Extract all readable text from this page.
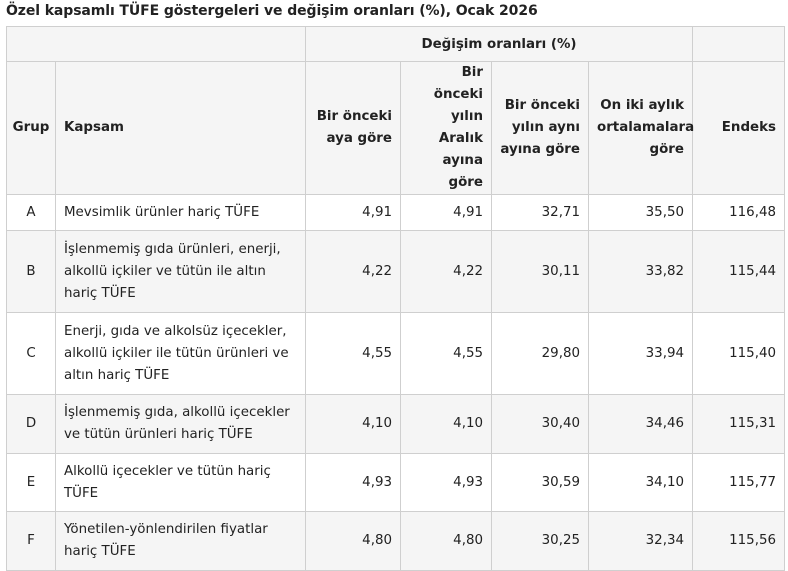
Özel kapsamlı TÜFE göstergeleri ve değişim oranları (%), Ocak 2026
		Değişim oranları (%)				
Grup	Kapsam	Bir önceki aya göre	Bir önceki yılın Aralık ayına göre	Bir önceki yılın aynı ayına göre	On iki aylık ortalamalara göre	Endeks
A	Mevsimlik ürünler hariç TÜFE	4,91	4,91	32,71	35,50	116,48
B	İşlenmemiş gıda ürünleri, enerji, alkollü içkiler ve tütün ile altın hariç TÜFE	4,22	4,22	30,11	33,82	115,44
C	Enerji, gıda ve alkolsüz içecekler, alkollü içkiler ile tütün ürünleri ve altın hariç TÜFE	4,55	4,55	29,80	33,94	115,40
D	İşlenmemiş gıda, alkollü içecekler ve tütün ürünleri hariç TÜFE	4,10	4,10	30,40	34,46	115,31
E	Alkollü içecekler ve tütün hariç TÜFE	4,93	4,93	30,59	34,10	115,77
F	Yönetilen-yönlendirilen fiyatlar hariç TÜFE	4,80	4,80	30,25	32,34	115,56
